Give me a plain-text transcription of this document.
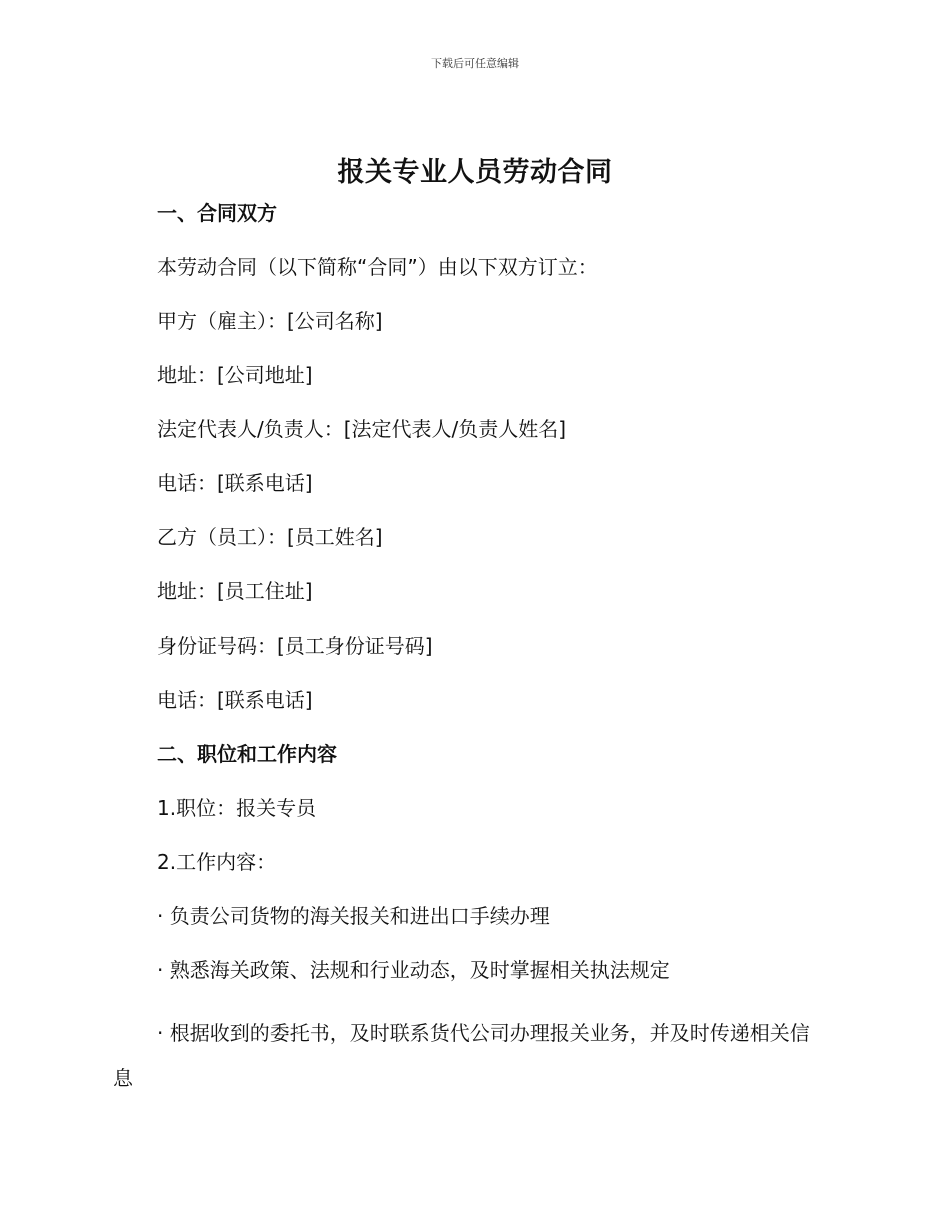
下载后可任意编辑
报关专业人员劳动合同
一、合同双方
本劳动合同（以下简称“合同”）由以下双方订立：
甲方（雇主）：[公司名称]
地址：[公司地址]
法定代表人/负责人：[法定代表人/负责人姓名]
电话：[联系电话]
乙方（员工）：[员工姓名]
地址：[员工住址]
身份证号码：[员工身份证号码]
电话：[联系电话]
二、职位和工作内容
1.职位：报关专员
2.工作内容：
· 负责公司货物的海关报关和进出口手续办理
· 熟悉海关政策、法规和行业动态，及时掌握相关执法规定
· 根据收到的委托书，及时联系货代公司办理报关业务，并及时传递相关信息
